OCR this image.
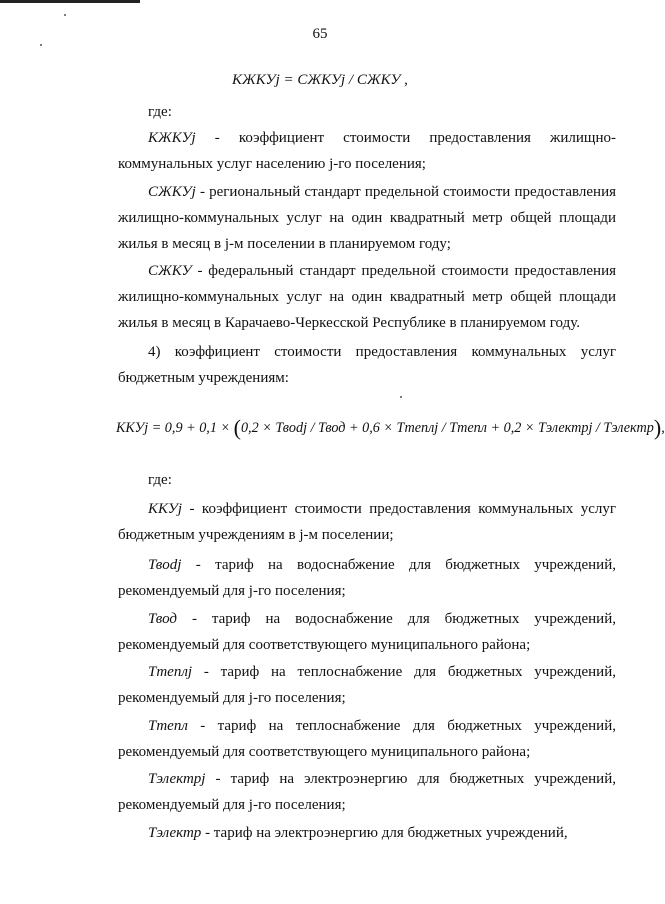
65
КЖКУj = СЖКУj / СЖКУ ,
где:
КЖКУj - коэффициент стоимости предоставления жилищно-коммунальных услуг населению j-го поселения;
СЖКУj - региональный стандарт предельной стоимости предоставления жилищно-коммунальных услуг на один квадратный метр общей площади жилья в месяц в j-м поселении в планируемом году;
СЖКУ - федеральный стандарт предельной стоимости предоставления жилищно-коммунальных услуг на один квадратный метр общей площади жилья в месяц в Карачаево-Черкесской Республике в планируемом году.
4) коэффициент стоимости предоставления коммунальных услуг бюджетным учреждениям:
ККУj = 0,9 + 0,1 × (0,2 × Твodj / Твод + 0,6 × Ттеплj / Ттепл + 0,2 × Тэлектрj / Тэлектр),
где:
ККУj - коэффициент стоимости предоставления коммунальных услуг бюджетным учреждениям в j-м поселении;
Твodj - тариф на водоснабжение для бюджетных учреждений, рекомендуемый для j-го поселения;
Твод - тариф на водоснабжение для бюджетных учреждений, рекомендуемый для соответствующего муниципального района;
Ттеплj - тариф на теплоснабжение для бюджетных учреждений, рекомендуемый для j-го поселения;
Ттепл - тариф на теплоснабжение для бюджетных учреждений, рекомендуемый для соответствующего муниципального района;
Тэлектрj - тариф на электроэнергию для бюджетных учреждений, рекомендуемый для j-го поселения;
Тэлектр - тариф на электроэнергию для бюджетных учреждений,
